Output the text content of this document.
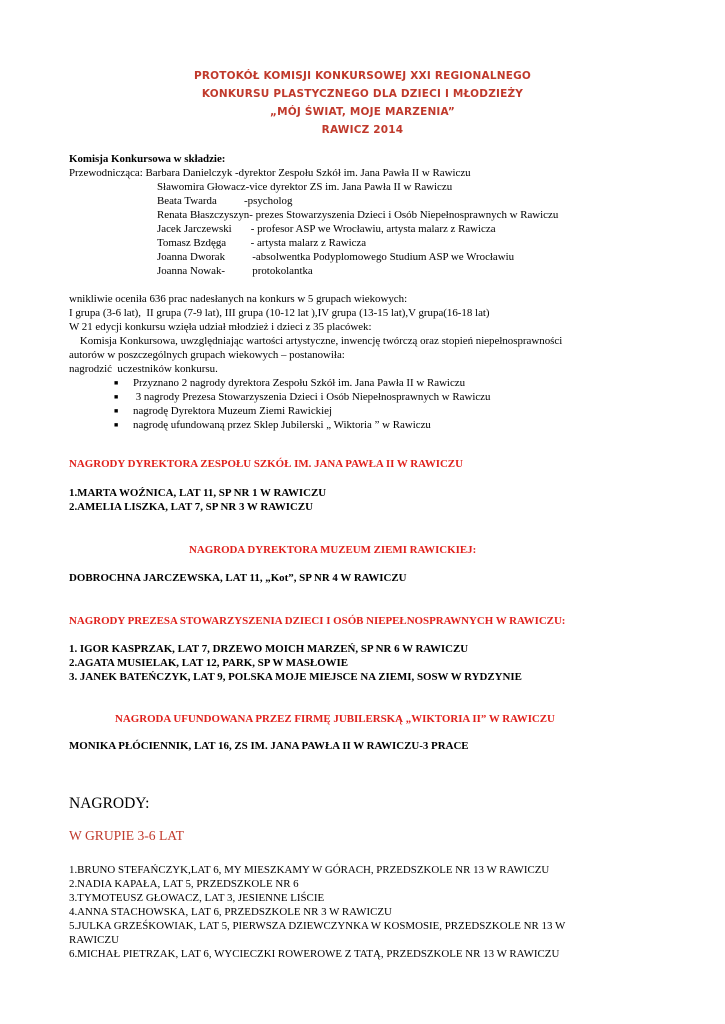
PROTOKÓŁ KOMISJI KONKURSOWEJ XXI REGIONALNEGO
KONKURSU PLASTYCZNEGO DLA DZIECI I MŁODZIEŻY
„MÓJ ŚWIAT, MOJE MARZENIA”
RAWICZ 2014
Komisja Konkursowa w składzie:
Przewodnicząca: Barbara Danielczyk -dyrektor Zespołu Szkół im. Jana Pawła II w Rawiczu
Sławomira Głowacz-vice dyrektor ZS im. Jana Pawła II w Rawiczu
Beata Twarda          -psycholog
Renata Błaszczyszyn- prezes Stowarzyszenia Dzieci i Osób Niepełnosprawnych w Rawiczu
Jacek Jarczewski       - profesor ASP we Wrocławiu, artysta malarz z Rawicza
Tomasz Bzdęga         - artysta malarz z Rawicza
Joanna Dworak          -absolwentka Podyplomowego Studium ASP we Wrocławiu
Joanna Nowak-          protokolantka
wnikliwie oceniła 636 prac nadesłanych na konkurs w 5 grupach wiekowych:
I grupa (3-6 lat),  II grupa (7-9 lat), III grupa (10-12 lat ),IV grupa (13-15 lat),V grupa(16-18 lat)
W 21 edycji konkursu wzięła udział młodzież i dzieci z 35 placówek:
Komisja Konkursowa, uwzględniając wartości artystyczne, inwencję twórczą oraz stopień niepełnosprawności
autorów w poszczególnych grupach wiekowych – postanowiła:
nagrodzić  uczestników konkursu.
■ Przyznano 2 nagrody dyrektora Zespołu Szkół im. Jana Pawła II w Rawiczu
■ 3 nagrody Prezesa Stowarzyszenia Dzieci i Osób Niepełnosprawnych w Rawiczu
■ nagrodę Dyrektora Muzeum Ziemi Rawickiej
■ nagrodę ufundowaną przez Sklep Jubilerski „ Wiktoria ” w Rawiczu
NAGRODY DYREKTORA ZESPOŁU SZKÓŁ IM. JANA PAWŁA II W RAWICZU
1.MARTA WOŹNICA, LAT 11, SP NR 1 W RAWICZU
2.AMELIA LISZKA, LAT 7, SP NR 3 W RAWICZU
NAGRODA DYREKTORA MUZEUM ZIEMI RAWICKIEJ:
DOBROCHNA JARCZEWSKA, LAT 11, „Kot”, SP NR 4 W RAWICZU
NAGRODY PREZESA STOWARZYSZENIA DZIECI I OSÓB NIEPEŁNOSPRAWNYCH W RAWICZU:
1. IGOR KASPRZAK, LAT 7, DRZEWO MOICH MARZEŃ, SP NR 6 W RAWICZU
2.AGATA MUSIELAK, LAT 12, PARK, SP W MASŁOWIE
3. JANEK BATEŃCZYK, LAT 9, POLSKA MOJE MIEJSCE NA ZIEMI, SOSW W RYDZYNIE
NAGRODA UFUNDOWANA PRZEZ FIRMĘ JUBILERSKĄ „WIKTORIA II” W RAWICZU
MONIKA PŁÓCIENNIK, LAT 16, ZS IM. JANA PAWŁA II W RAWICZU-3 PRACE
NAGRODY:
W GRUPIE 3-6 LAT
1.BRUNO STEFAŃCZYK,LAT 6, MY MIESZKAMY W GÓRACH, PRZEDSZKOLE NR 13 W RAWICZU
2.NADIA KAPAŁA, LAT 5, PRZEDSZKOLE NR 6
3.TYMOTEUSZ GŁOWACZ, LAT 3, JESIENNE LIŚCIE
4.ANNA STACHOWSKA, LAT 6, PRZEDSZKOLE NR 3 W RAWICZU
5.JULKA GRZEŚKOWIAK, LAT 5, PIERWSZA DZIEWCZYNKA W KOSMOSIE, PRZEDSZKOLE NR 13 W
RAWICZU
6.MICHAŁ PIETRZAK, LAT 6, WYCIECZKI ROWEROWE Z TATĄ, PRZEDSZKOLE NR 13 W RAWICZU
